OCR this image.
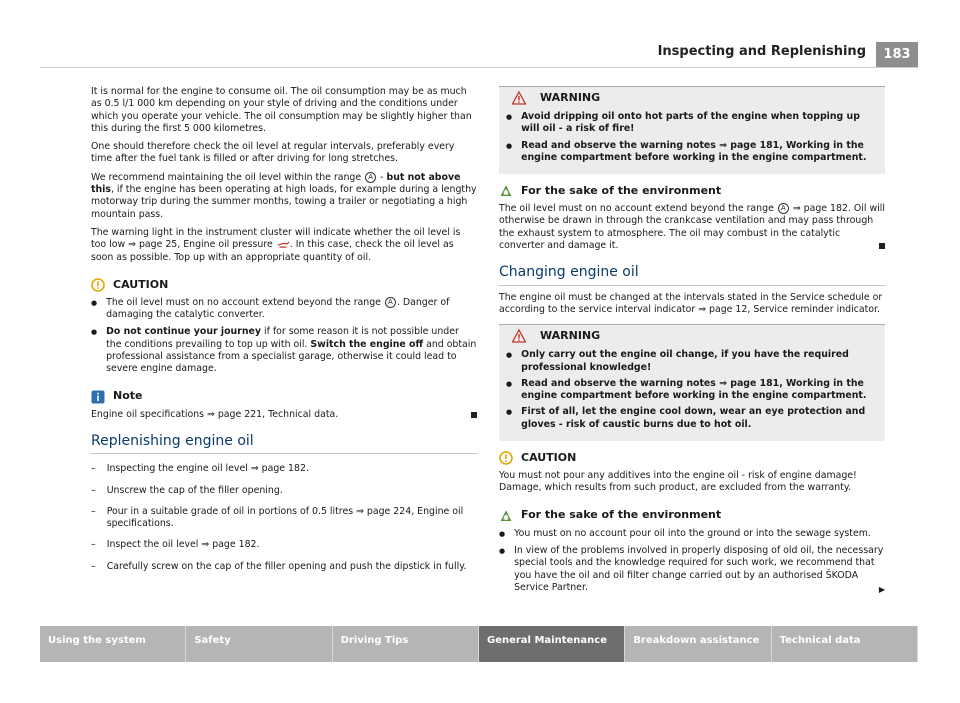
Inspecting and Replenishing	183

It is normal for the engine to consume oil. The oil consumption may be as much as 0.5 l/1 000 km depending on your style of driving and the conditions under which you operate your vehicle. The oil consumption may be slightly higher than this during the first 5 000 kilometres.

One should therefore check the oil level at regular intervals, preferably every time after the fuel tank is filled or after driving for long stretches.

We recommend maintaining the oil level within the range A - but not above this, if the engine has been operating at high loads, for example during a lengthy motorway trip during the summer months, towing a trailer or negotiating a high mountain pass.

The warning light in the instrument cluster will indicate whether the oil level is too low ⇒ page 25, Engine oil pressure . In this case, check the oil level as soon as possible. Top up with an appropriate quantity of oil.

CAUTION
● The oil level must on no account extend beyond the range A . Danger of damaging the catalytic converter.
● Do not continue your journey if for some reason it is not possible under the conditions prevailing to top up with oil. Switch the engine off and obtain professional assistance from a specialist garage, otherwise it could lead to severe engine damage.
Note

Engine oil specifications ⇒ page 221, Technical data.

Replenishing engine oil
– Inspecting the engine oil level ⇒ page 182.
– Unscrew the cap of the filler opening.
– Pour in a suitable grade of oil in portions of 0.5 litres ⇒ page 224, Engine oil specifications.
– Inspect the oil level ⇒ page 182.
– Carefully screw on the cap of the filler opening and push the dipstick in fully.
WARNING
● Avoid dripping oil onto hot parts of the engine when topping up will oil - a risk of fire!
● Read and observe the warning notes ⇒ page 181, Working in the engine compartment before working in the engine compartment.
For the sake of the environment

The oil level must on no account extend beyond the range A ⇒ page 182. Oil will otherwise be drawn in through the crankcase ventilation and may pass through the exhaust system to atmosphere. The oil may combust in the catalytic converter and damage it.

Changing engine oil

The engine oil must be changed at the intervals stated in the Service schedule or according to the service interval indicator ⇒ page 12, Service reminder indicator.

WARNING
● Only carry out the engine oil change, if you have the required professional knowledge!
● Read and observe the warning notes ⇒ page 181, Working in the engine compartment before working in the engine compartment.
● First of all, let the engine cool down, wear an eye protection and gloves - risk of caustic burns due to hot oil.
CAUTION

You must not pour any additives into the engine oil - risk of engine damage! Damage, which results from such product, are excluded from the warranty.

For the sake of the environment
● You must on no account pour oil into the ground or into the sewage system.
● In view of the problems involved in properly disposing of old oil, the necessary special tools and the knowledge required for such work, we recommend that you have the oil and oil filter change carried out by an authorised ŠKODA Service Partner.	▶
Using the system	Safety	Driving Tips	General Maintenance	Breakdown assistance	Technical data
